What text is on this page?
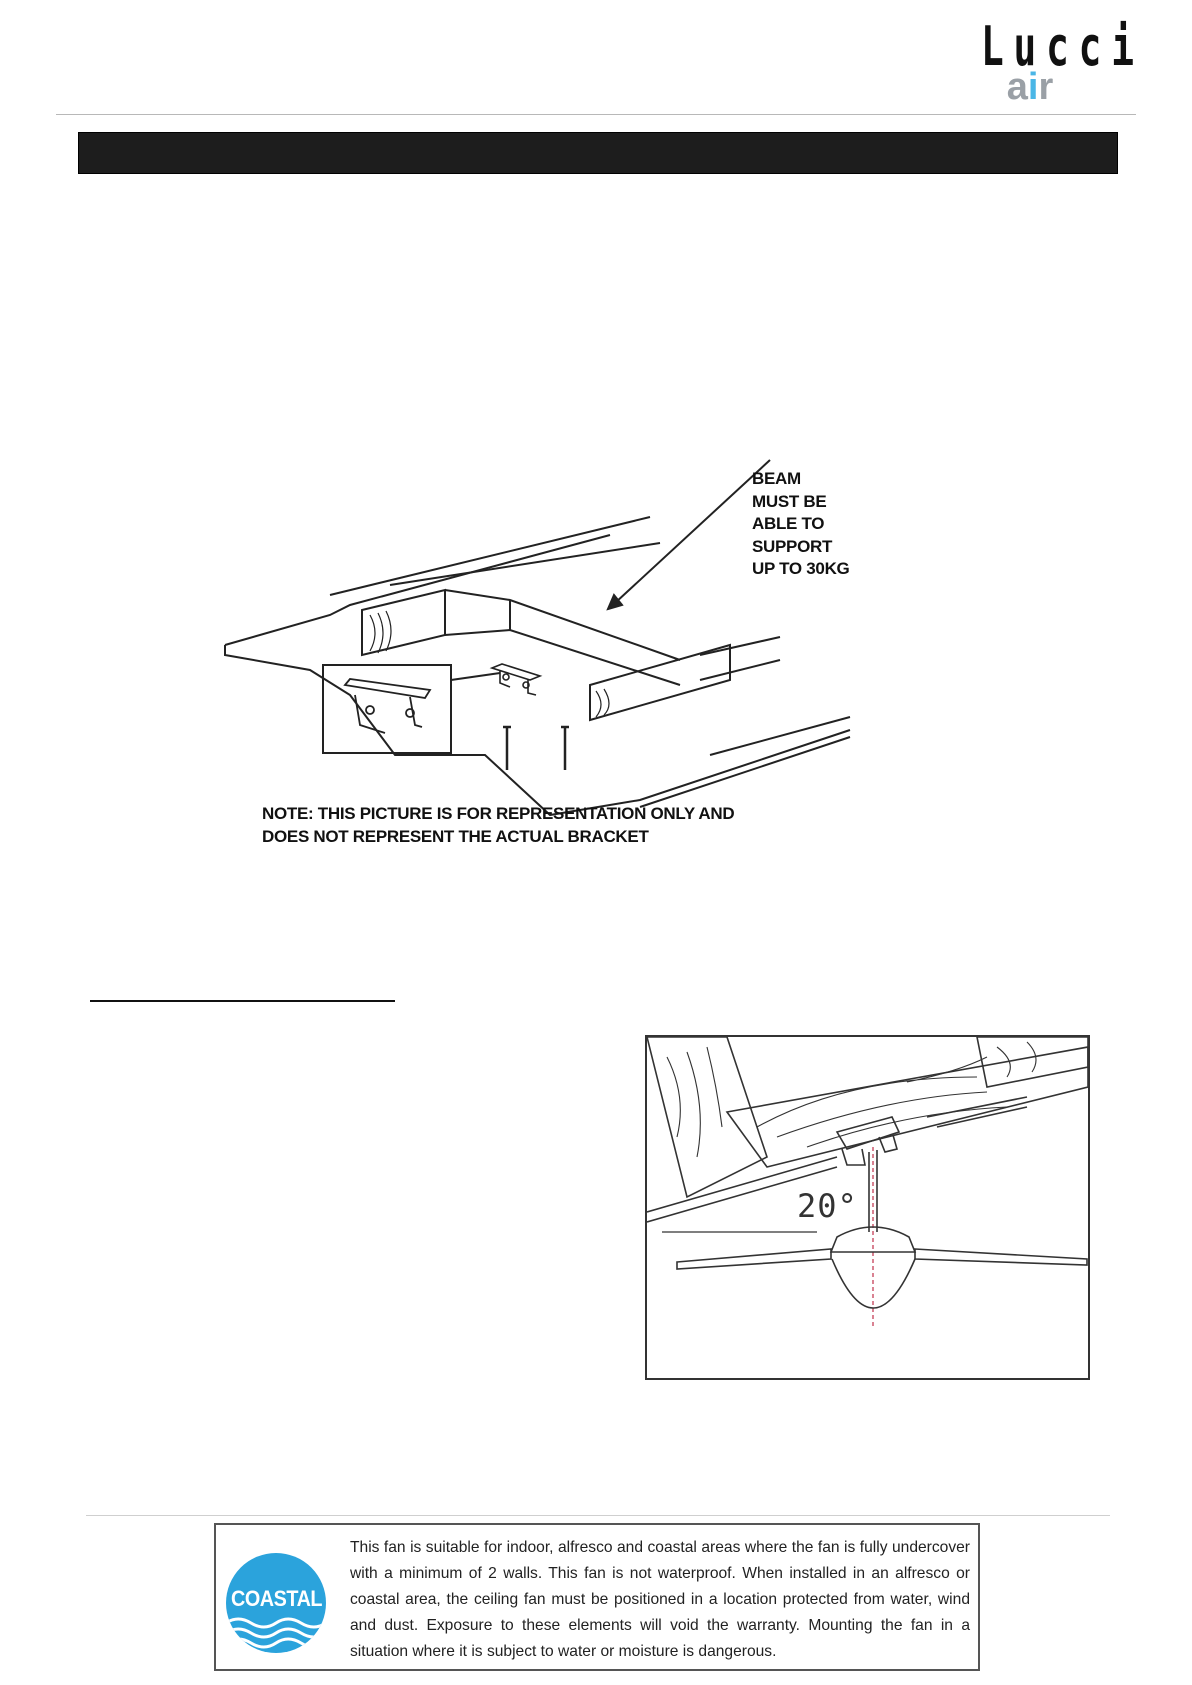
Lucci
air
BEAM
MUST BE
ABLE TO
SUPPORT
UP TO 30KG
NOTE: THIS PICTURE IS FOR REPRESENTATION ONLY AND
DOES NOT REPRESENT THE ACTUAL BRACKET
20°
COASTAL
This fan is suitable for indoor, alfresco and coastal areas where the fan is fully undercover with a minimum of 2 walls. This fan is not waterproof. When installed in an alfresco or coastal area, the ceiling fan must be positioned in a location protected from water, wind and dust. Exposure to these elements will void the warranty. Mounting the fan in a situation where it is subject to water or moisture is dangerous.
